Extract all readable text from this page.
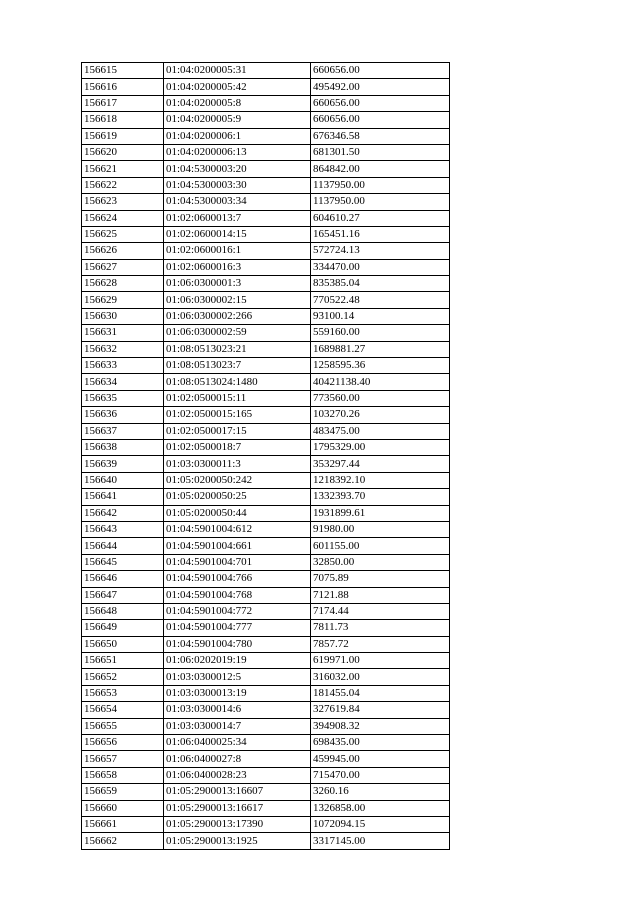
156615	01:04:0200005:31	660656.00
156616	01:04:0200005:42	495492.00
156617	01:04:0200005:8	660656.00
156618	01:04:0200005:9	660656.00
156619	01:04:0200006:1	676346.58
156620	01:04:0200006:13	681301.50
156621	01:04:5300003:20	864842.00
156622	01:04:5300003:30	1137950.00
156623	01:04:5300003:34	1137950.00
156624	01:02:0600013:7	604610.27
156625	01:02:0600014:15	165451.16
156626	01:02:0600016:1	572724.13
156627	01:02:0600016:3	334470.00
156628	01:06:0300001:3	835385.04
156629	01:06:0300002:15	770522.48
156630	01:06:0300002:266	93100.14
156631	01:06:0300002:59	559160.00
156632	01:08:0513023:21	1689881.27
156633	01:08:0513023:7	1258595.36
156634	01:08:0513024:1480	40421138.40
156635	01:02:0500015:11	773560.00
156636	01:02:0500015:165	103270.26
156637	01:02:0500017:15	483475.00
156638	01:02:0500018:7	1795329.00
156639	01:03:0300011:3	353297.44
156640	01:05:0200050:242	1218392.10
156641	01:05:0200050:25	1332393.70
156642	01:05:0200050:44	1931899.61
156643	01:04:5901004:612	91980.00
156644	01:04:5901004:661	601155.00
156645	01:04:5901004:701	32850.00
156646	01:04:5901004:766	7075.89
156647	01:04:5901004:768	7121.88
156648	01:04:5901004:772	7174.44
156649	01:04:5901004:777	7811.73
156650	01:04:5901004:780	7857.72
156651	01:06:0202019:19	619971.00
156652	01:03:0300012:5	316032.00
156653	01:03:0300013:19	181455.04
156654	01:03:0300014:6	327619.84
156655	01:03:0300014:7	394908.32
156656	01:06:0400025:34	698435.00
156657	01:06:0400027:8	459945.00
156658	01:06:0400028:23	715470.00
156659	01:05:2900013:16607	3260.16
156660	01:05:2900013:16617	1326858.00
156661	01:05:2900013:17390	1072094.15
156662	01:05:2900013:1925	3317145.00
